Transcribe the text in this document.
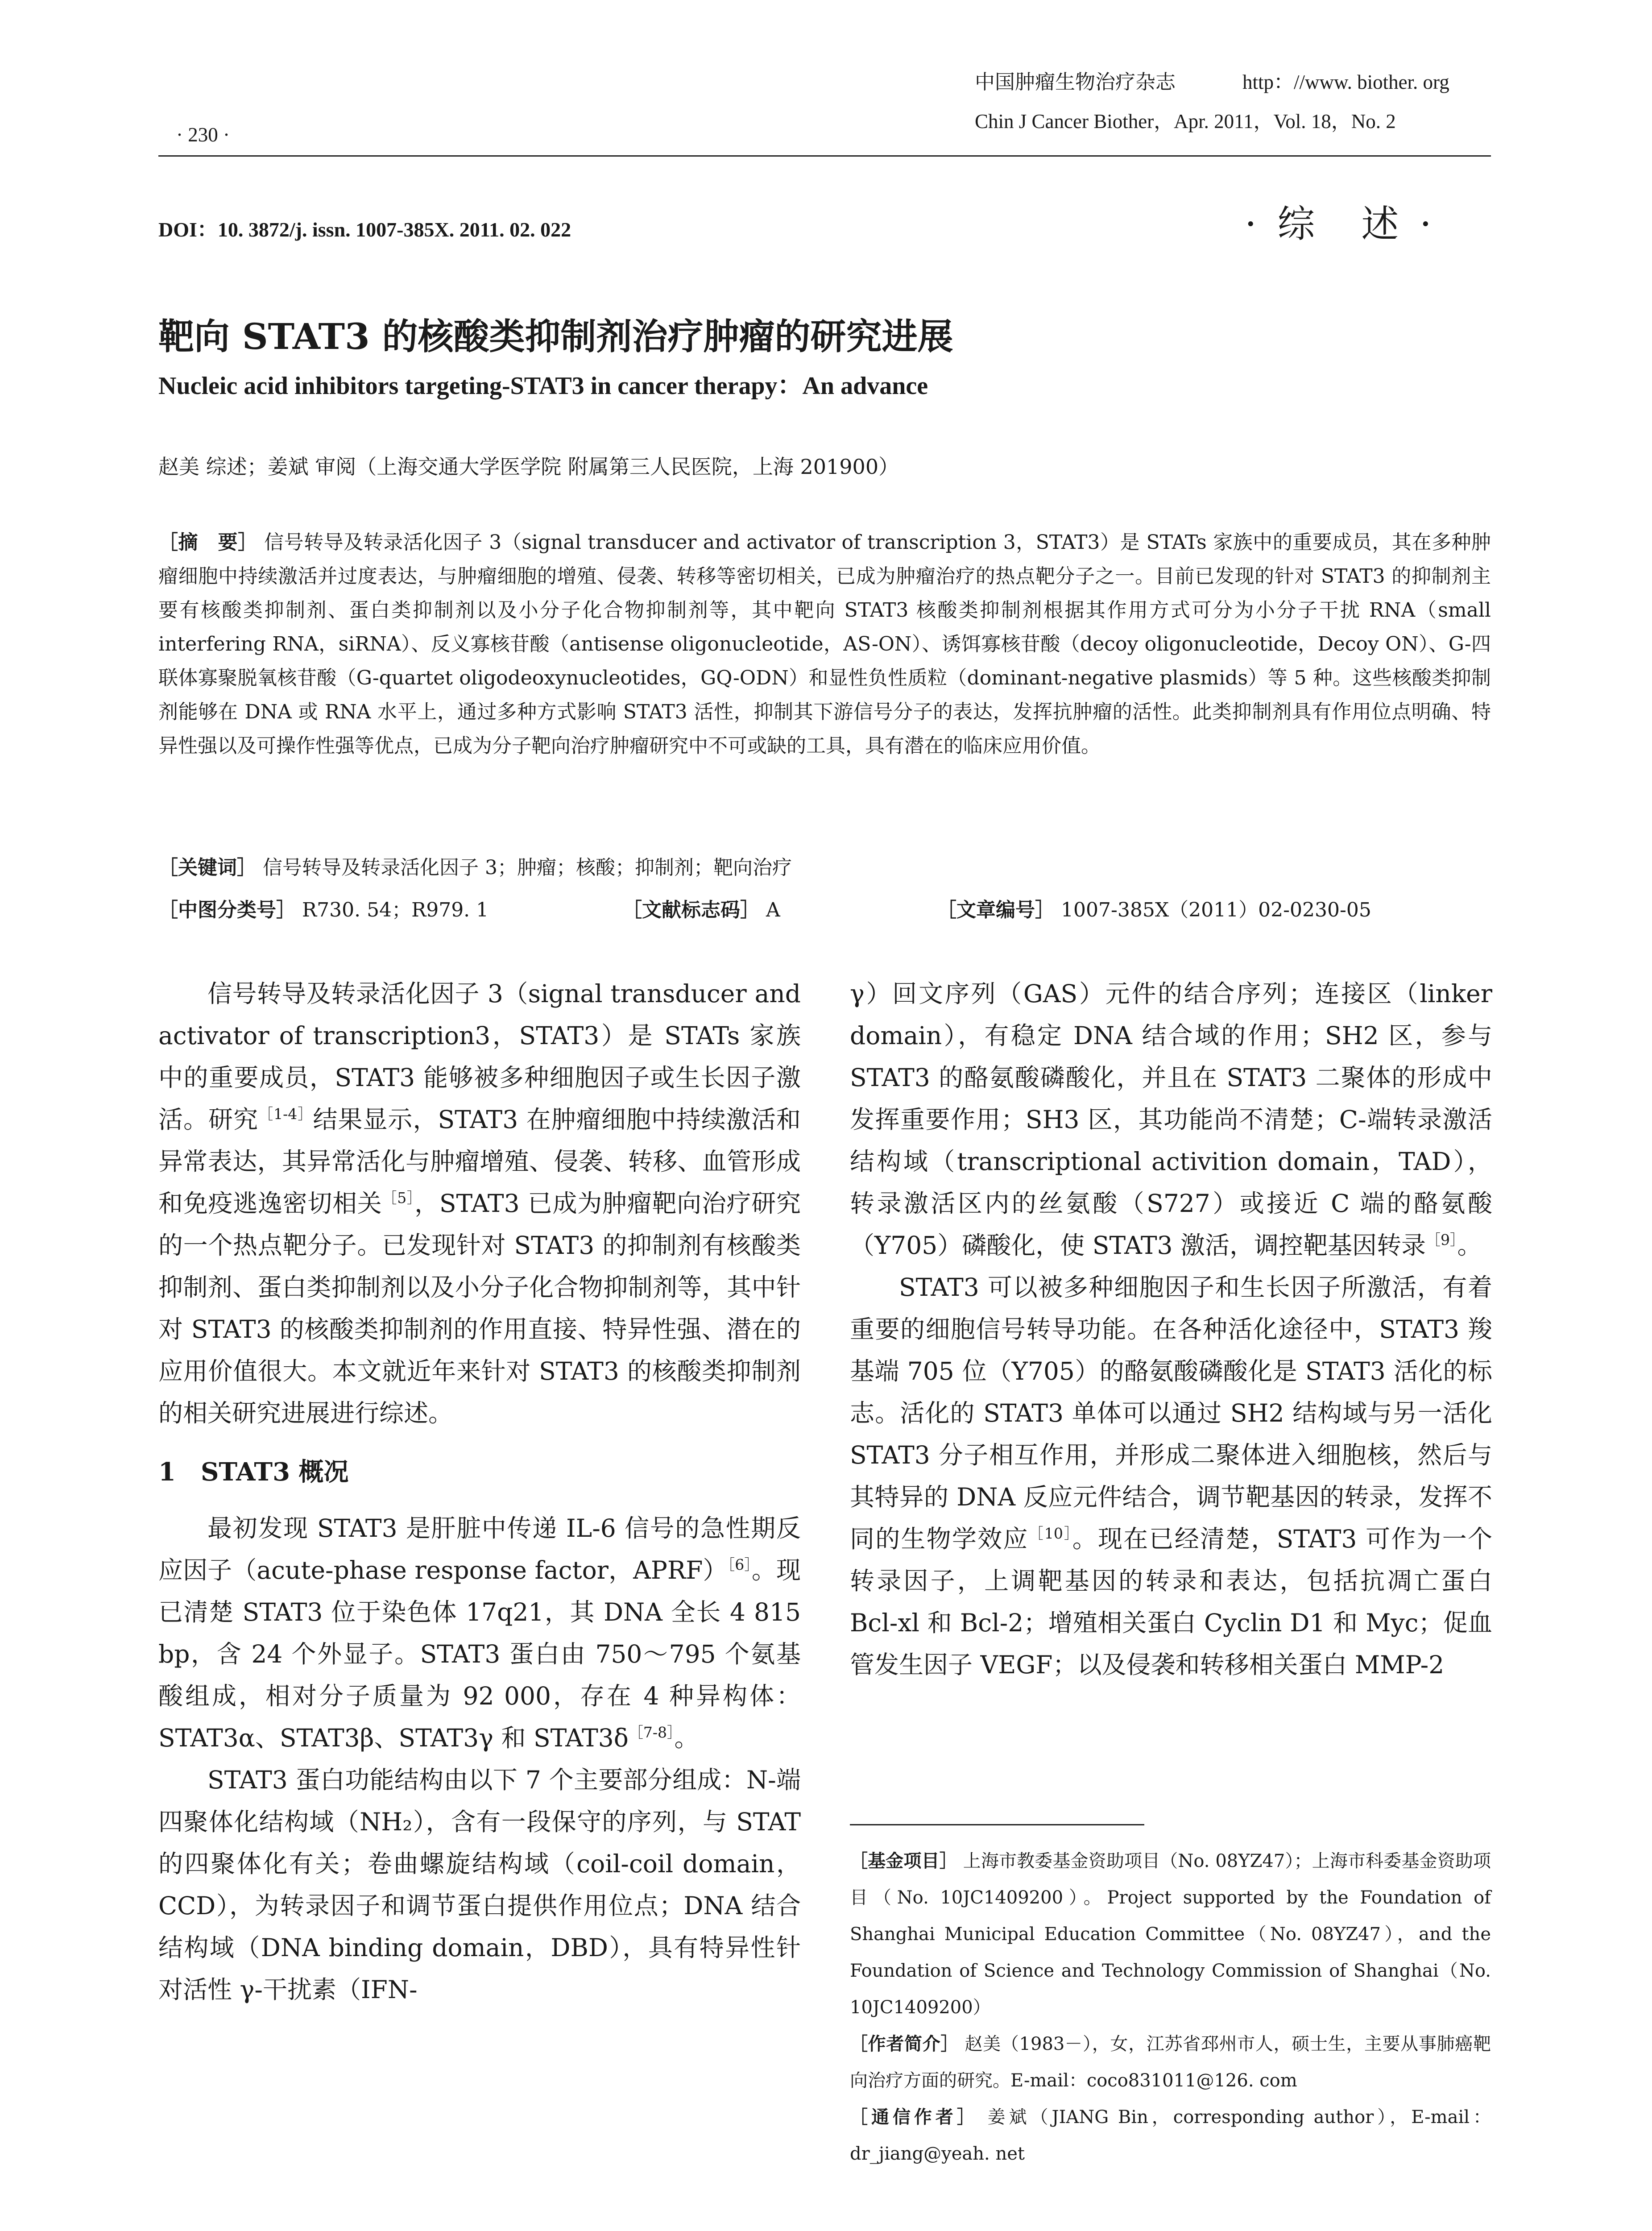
· 230 ·
中国肿瘤生物治疗杂志	http：//www. biother. org
Chin J Cancer Biother，Apr. 2011，Vol. 18，No. 2
DOI：10. 3872/j. issn. 1007-385X. 2011. 02. 022	· 综　述 ·
靶向 STAT3 的核酸类抑制剂治疗肿瘤的研究进展
Nucleic acid inhibitors targeting-STAT3 in cancer therapy：An advance
赵美 综述；姜斌 审阅（上海交通大学医学院 附属第三人民医院，上海 201900）
［摘　要］ 信号转导及转录活化因子 3（signal transducer and activator of transcription 3，STAT3）是 STATs 家族中的重要成员，其在多种肿瘤细胞中持续激活并过度表达，与肿瘤细胞的增殖、侵袭、转移等密切相关，已成为肿瘤治疗的热点靶分子之一。目前已发现的针对 STAT3 的抑制剂主要有核酸类抑制剂、蛋白类抑制剂以及小分子化合物抑制剂等，其中靶向 STAT3 核酸类抑制剂根据其作用方式可分为小分子干扰 RNA（small interfering RNA，siRNA）、反义寡核苷酸（antisense oligonucleotide，AS-ON）、诱饵寡核苷酸（decoy oligonucleotide，Decoy ON）、G-四联体寡聚脱氧核苷酸（G-quartet oligodeoxynucleotides，GQ-ODN）和显性负性质粒（dominant-negative plasmids）等 5 种。这些核酸类抑制剂能够在 DNA 或 RNA 水平上，通过多种方式影响 STAT3 活性，抑制其下游信号分子的表达，发挥抗肿瘤的活性。此类抑制剂具有作用位点明确、特异性强以及可操作性强等优点，已成为分子靶向治疗肿瘤研究中不可或缺的工具，具有潜在的临床应用价值。
［关键词］ 信号转导及转录活化因子 3；肿瘤；核酸；抑制剂；靶向治疗
［中图分类号］ R730. 54；R979. 1	［文献标志码］ A	［文章编号］ 1007-385X（2011）02-0230-05

信号转导及转录活化因子 3（signal transducer and activator of transcription3，STAT3）是 STATs 家族中的重要成员，STAT3 能够被多种细胞因子或生长因子激活。研究$^{[1-4]}$结果显示，STAT3 在肿瘤细胞中持续激活和异常表达，其异常活化与肿瘤增殖、侵袭、转移、血管形成和免疫逃逸密切相关$^{[5]}$，STAT3 已成为肿瘤靶向治疗研究的一个热点靶分子。已发现针对 STAT3 的抑制剂有核酸类抑制剂、蛋白类抑制剂以及小分子化合物抑制剂等，其中针对 STAT3 的核酸类抑制剂的作用直接、特异性强、潜在的应用价值很大。本文就近年来针对 STAT3 的核酸类抑制剂的相关研究进展进行综述。

1　STAT3 概况

最初发现 STAT3 是肝脏中传递 IL-6 信号的急性期反应因子（acute-phase response factor，APRF）$^{[6]}$。现已清楚 STAT3 位于染色体 17q21，其 DNA 全长 4 815 bp，含 24 个外显子。STAT3 蛋白由 750～795 个氨基酸组成，相对分子质量为 92 000，存在 4 种异构体：STAT3α、STAT3β、STAT3γ 和 $STAT3\delta^{[7-8]}$。

STAT3 蛋白功能结构由以下 7 个主要部分组成：N-端四聚体化结构域（NH₂），含有一段保守的序列，与 STAT 的四聚体化有关；卷曲螺旋结构域（coil-coil domain，CCD），为转录因子和调节蛋白提供作用位点；DNA 结合结构域（DNA binding domain，DBD），具有特异性针对活性 γ-干扰素（IFN-

γ）回文序列（GAS）元件的结合序列；连接区（linker domain），有稳定 DNA 结合域的作用；SH2 区，参与 STAT3 的酪氨酸磷酸化，并且在 STAT3 二聚体的形成中发挥重要作用；SH3 区，其功能尚不清楚；C-端转录激活结构域（transcriptional activition domain，TAD），转录激活区内的丝氨酸（S727）或接近 C 端的酪氨酸（Y705）磷酸化，使 STAT3 激活，调控靶基因转录$^{[9]}$。

STAT3 可以被多种细胞因子和生长因子所激活，有着重要的细胞信号转导功能。在各种活化途径中，STAT3 羧基端 705 位（Y705）的酪氨酸磷酸化是 STAT3 活化的标志。活化的 STAT3 单体可以通过 SH2 结构域与另一活化 STAT3 分子相互作用，并形成二聚体进入细胞核，然后与其特异的 DNA 反应元件结合，调节靶基因的转录，发挥不同的生物学效应$^{[10]}$。现在已经清楚，STAT3 可作为一个转录因子，上调靶基因的转录和表达，包括抗凋亡蛋白 Bcl-xl 和 Bcl-2；增殖相关蛋白 Cyclin D1 和 Myc；促血管发生因子 VEGF；以及侵袭和转移相关蛋白 MMP-2

［基金项目］ 上海市教委基金资助项目（No. 08YZ47）；上海市科委基金资助项目（No. 10JC1409200）。Project supported by the Foundation of Shanghai Municipal Education Committee（No. 08YZ47），and the Foundation of Science and Technology Commission of Shanghai（No. 10JC1409200）

［作者简介］ 赵美（1983－），女，江苏省邳州市人，硕士生，主要从事肺癌靶向治疗方面的研究。E-mail：coco831011@126. com

［通信作者］ 姜斌（JIANG Bin，corresponding author），E-mail：dr_jiang@yeah. net
